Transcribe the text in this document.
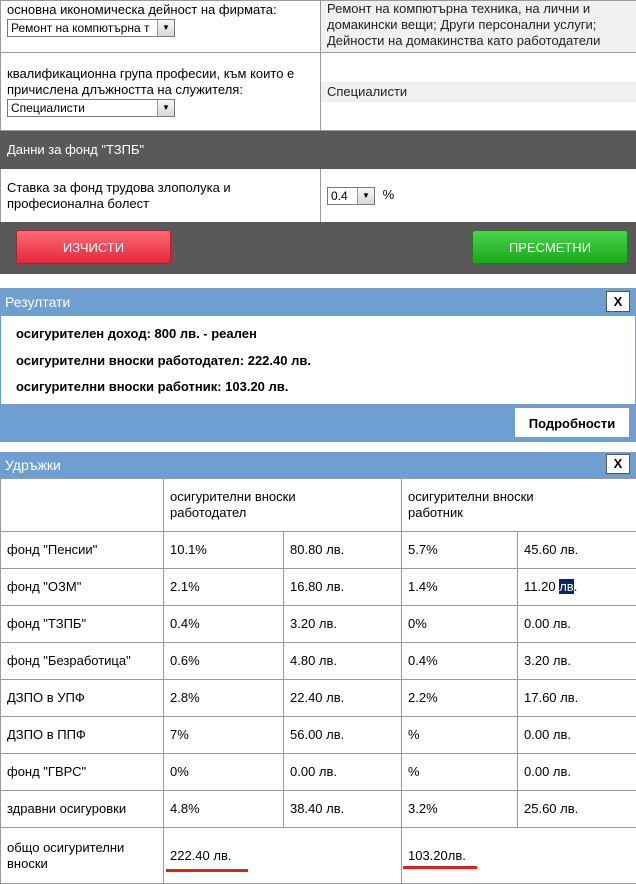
основна икономическа дейност на фирмата:
Ремонт на компютърна т ▼	Ремонт на компютърна техника, на лични и домакински вещи; Други персонални услуги; Дейности на домакинства като работодатели

квалификационна група професии, към които е причислена длъжността на служителя:
Специалисти ▼	Специалисти

Данни за фонд "ТЗПБ"	
Ставка за фонд трудова злополука и професионална болест	0.4 ▼ %
ИЗЧИСТИ	ПРЕСМЕТНИ
Резултати	X
осигурителен доход: 800 лв. - реален
осигурителни вноски работодател: 222.40 лв.
осигурителни вноски работник: 103.20 лв.
Подробности
Удръжки	X
	осигурителни вноски работодател		осигурителни вноски работник	
фонд "Пенсии"	10.1%	80.80 лв.	5.7%	45.60 лв.
фонд "ОЗМ"	2.1%	16.80 лв.	1.4%	11.20 лв.
фонд "ТЗПБ"	0.4%	3.20 лв.	0%	0.00 лв.
фонд "Безработица"	0.6%	4.80 лв.	0.4%	3.20 лв.
ДЗПО в УПФ	2.8%	22.40 лв.	2.2%	17.60 лв.
ДЗПО в ППФ	7%	56.00 лв.	%	0.00 лв.
фонд "ГВРС"	0%	0.00 лв.	%	0.00 лв.
здравни осигуровки	4.8%	38.40 лв.	3.2%	25.60 лв.
общо осигурителни вноски	222.40 лв.		103.20лв.	
